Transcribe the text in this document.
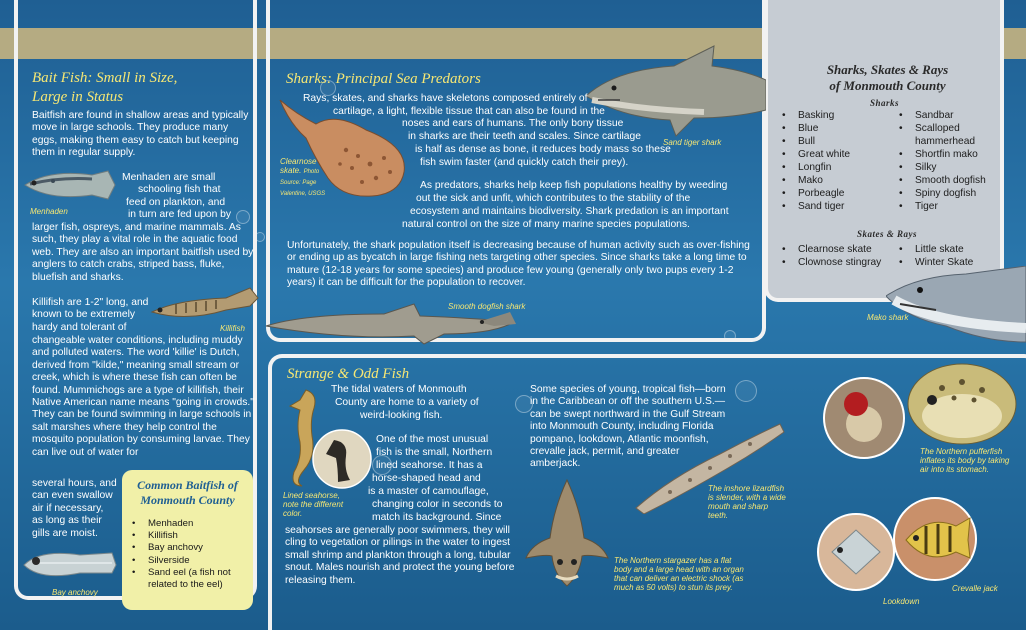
Bait Fish: Small in Size,
Large in Status
Baitfish are found in shallow areas and typically move in large schools. They produce many eggs, making them easy to catch but keeping them in regular supply.
Menhaden
Menhaden are small
schooling fish that
feed on plankton, and
in turn are fed upon by
larger fish, ospreys, and marine mammals. As such, they play a vital role in the aquatic food web. They are also an important baitfish used by anglers to catch crabs, striped bass, fluke, bluefish and sharks.
Killifish are 1-2" long, and known to be extremely hardy and tolerant of	Killifish
changeable water conditions, including muddy and polluted waters. The word 'killie' is Dutch, derived from "kilde," meaning small stream or creek, which is where these fish can often be found. Mummichogs are a type of killifish, their Native American name means "going in crowds." They can be found swimming in large schools in salt marshes where they help control the mosquito population by consuming larvae. They can live out of water for
several hours, and can even swallow air if necessary, as long as their gills are moist.
Bay anchovy
Common Baitfish of
Monmouth County
• Menhaden
• Killifish
• Bay anchovy
• Silverside
• Sand eel (a fish not related to the eel)
Sharks: Principal Sea Predators
Sand tiger shark
Clearnose skate. Photo Source: Page Valentine, USGS
Rays, skates, and sharks have skeletons composed entirely of
cartilage, a light, flexible tissue that can also be found in the
noses and ears of humans. The only bony tissue
in sharks are their teeth and scales. Since cartilage
is half as dense as bone, it reduces body mass so these
fish swim faster (and quickly catch their prey).
As predators, sharks help keep fish populations healthy by weeding
out the sick and unfit, which contributes to the stability of the
ecosystem and maintains biodiversity. Shark predation is an important
natural control on the size of many marine species populations.
Unfortunately, the shark population itself is decreasing because of human activity such as over-fishing or ending up as bycatch in large fishing nets targeting other species. Since sharks take a long time to mature (12-18 years for some species) and produce few young (generally only two pups every 1-2 years) it can be difficult for the population to recover.
Smooth dogfish shark
Sharks, Skates & Rays
of Monmouth County
Sharks
• Basking
• Blue
• Bull
• Great white
• Longfin
• Mako
• Porbeagle
• Sand tiger
• Sandbar
• Scalloped hammerhead
• Shortfin mako
• Silky
• Smooth dogfish
• Spiny dogfish
• Tiger
Skates & Rays
• Clearnose skate
• Clownose stingray
• Little skate
• Winter Skate
Mako shark
Strange & Odd Fish
Lined seahorse, note the different color.
The tidal waters of Monmouth
County are home to a variety of
weird-looking fish.
One of the most unusual
fish is the small, Northern
lined seahorse. It has a
horse-shaped head and
is a master of camouflage,
changing color in seconds to
match its background. Since
seahorses are generally poor swimmers, they will cling to vegetation or pilings in the water to ingest small shrimp and plankton through a long, tubular snout. Males nourish and protect the young before releasing them.
Some species of young, tropical fish—born in the Caribbean or off the southern U.S.—can be swept northward in the Gulf Stream into Monmouth County, including Florida pompano, lookdown, Atlantic moonfish, crevalle jack, permit, and greater amberjack.
The inshore lizardfish is slender, with a wide mouth and sharp teeth.
The Northern stargazer has a flat body and a large head with an organ that can deliver an electric shock (as much as 50 volts) to stun its prey.
The Northern pufferfish inflates its body by taking air into its stomach.
Lookdown
Crevalle jack
